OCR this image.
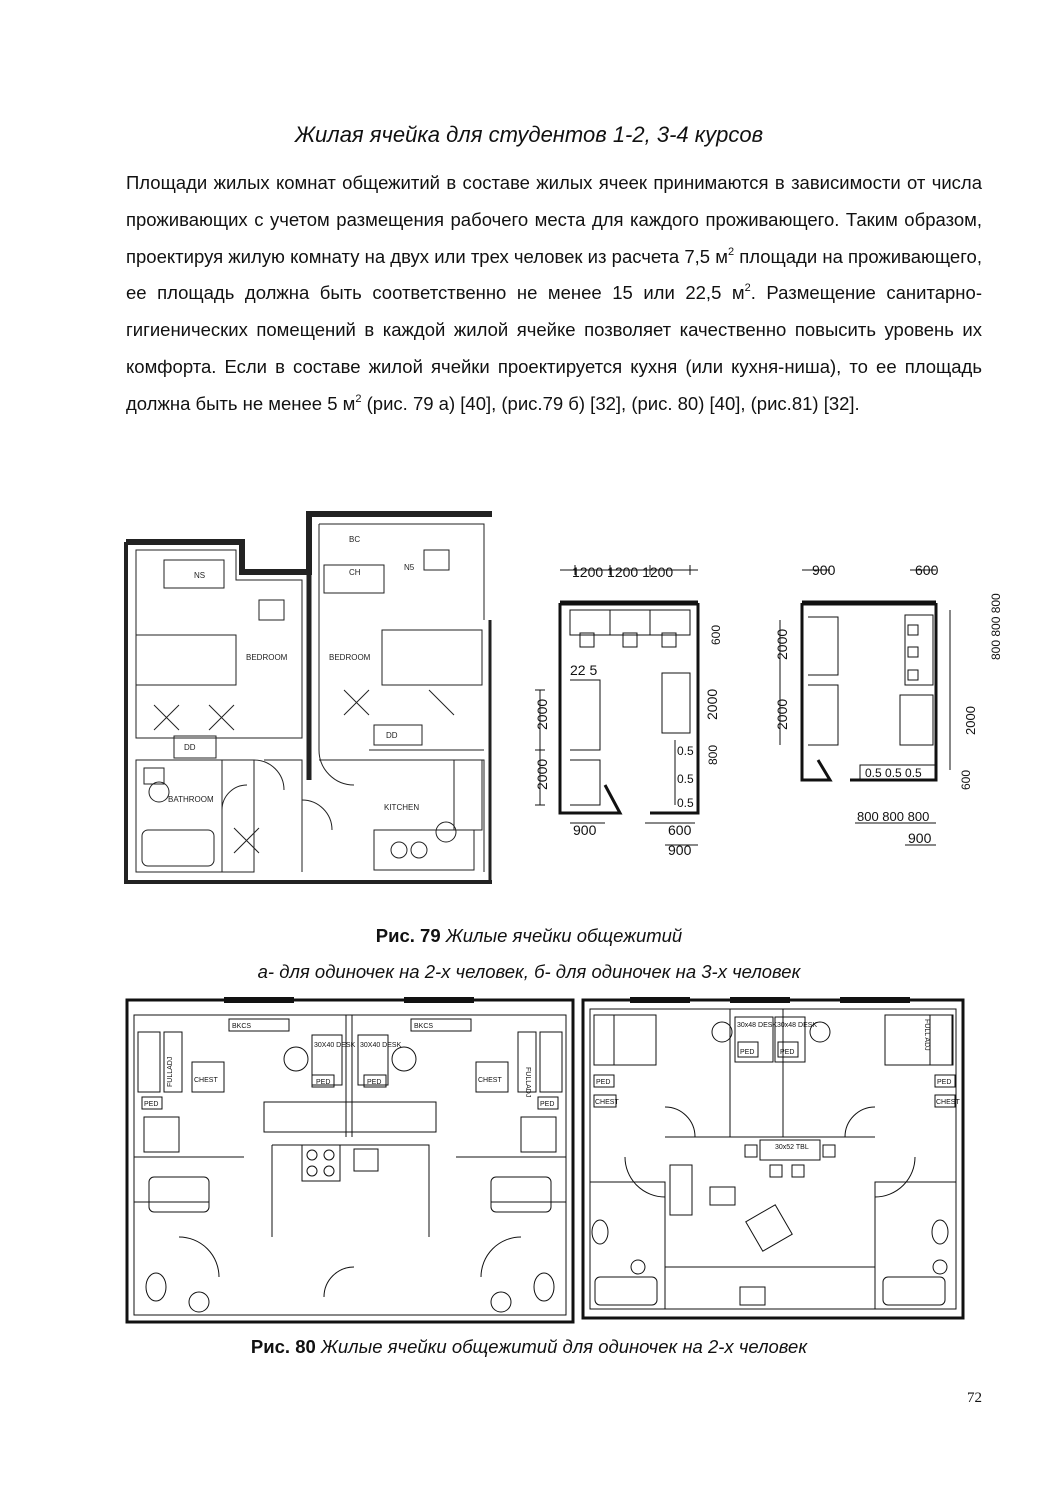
Жилая ячейка для студентов 1-2, 3-4 курсов
Площади жилых комнат общежитий в составе жилых ячеек принимаются в зависимости от числа проживающих с учетом размещения рабочего места для каждого проживающего. Таким образом, проектируя жилую комнату на двух или трех человек из расчета 7,5 $м^2$ площади на проживающего, ее площадь должна быть соответственно не менее 15 или 22,5 $м^2$. Размещение санитарно-гигиенических помещений в каждой жилой ячейке позволяет качественно повысить уровень их комфорта. Если в составе жилой ячейки проектируется кухня (или кухня-ниша), то ее площадь должна быть не менее 5 $м^2$ (рис. 79 а) [40], (рис.79 б) [32], (рис. 80) [40], (рис.81) [32].
BEDROOM	BEDROOM
BATHROOM
KITCHEN
NS
N5
BC
CH
DD
DD
1200 1200 1200
600
22 5
2000
2000
2000
800
0.5
0.5
0.5
900	600
900
900	600
2000
2000
800 800 800
2000
600
0.5 0.5 0.5
800 800 800
900
Рис. 79 Жилые ячейки общежитий
а- для одиночек на 2-х человек, б- для одиночек на 3-х человек
BKCS	BKCS
30X40 DESK 30X40 DESK
PED	PED
PED	PED
CHEST	CHEST
FULLADJ	FULLADJ
30x48 DESK 30x48 DESK
30x52 TBL
PED	PED
PED	PED
CHEST	CHEST
FULL ADJ
Рис. 80 Жилые ячейки общежитий для одиночек на 2-х человек
72
